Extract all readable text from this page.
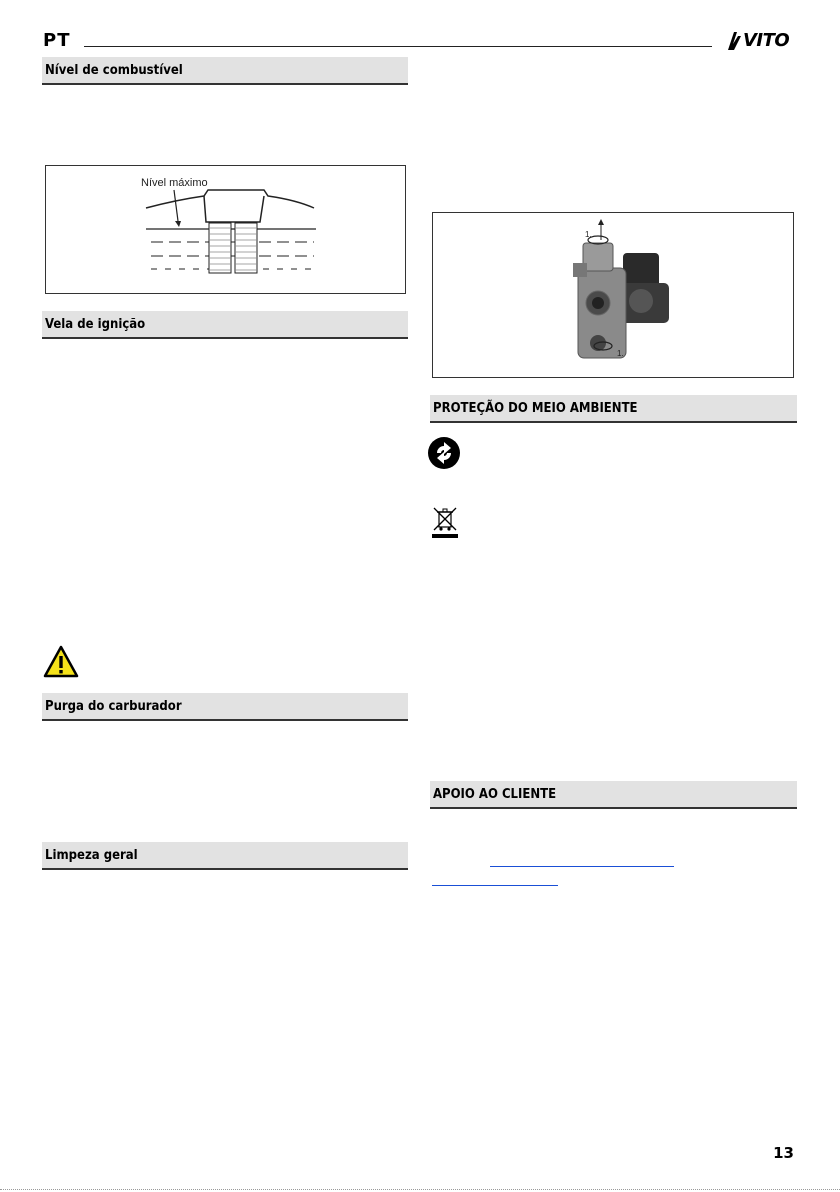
PT	VITO
Nível de combustível
Nível máximo
Vela de ignição
Purga do carburador
Limpeza geral
1.
1.
PROTEÇÃO DO MEIO AMBIENTE
APOIO AO CLIENTE
13
